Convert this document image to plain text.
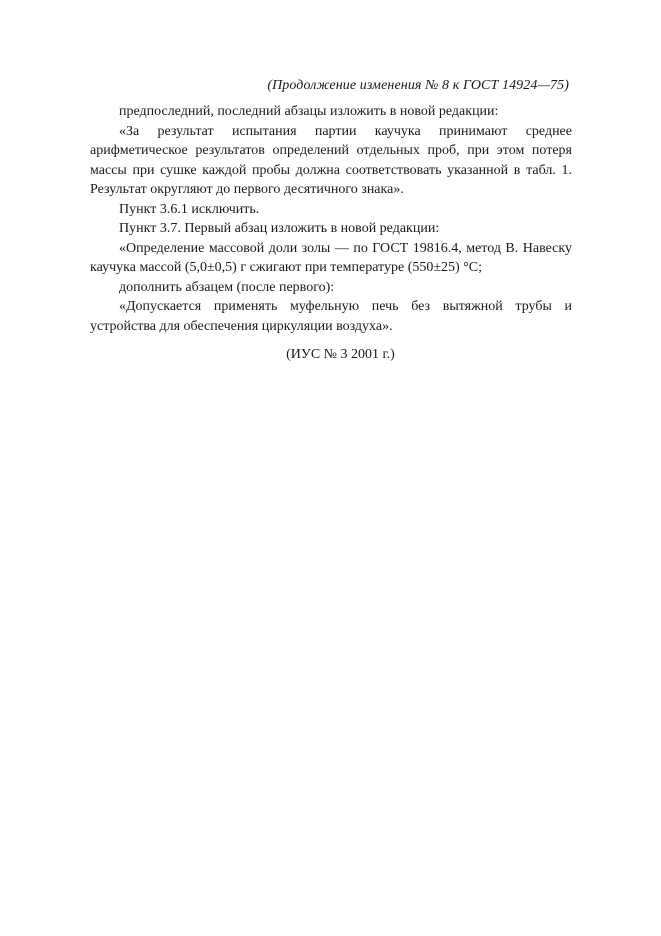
(Продолжение изменения № 8 к ГОСТ 14924—75)

предпоследний, последний абзацы изложить в новой редакции:

«За результат испытания партии каучука принимают среднее арифметическое результатов определений отдельных проб, при этом потеря массы при сушке каждой пробы должна соответствовать указанной в табл. 1. Результат округляют до первого десятичного знака».

Пункт 3.6.1 исключить.

Пункт 3.7. Первый абзац изложить в новой редакции:

«Определение массовой доли золы — по ГОСТ 19816.4, метод В. Навеску каучука массой (5,0±0,5) г сжигают при температуре (550±25) °С;

дополнить абзацем (после первого):

«Допускается применять муфельную печь без вытяжной трубы и устройства для обеспечения циркуляции воздуха».

(ИУС № 3 2001 г.)
